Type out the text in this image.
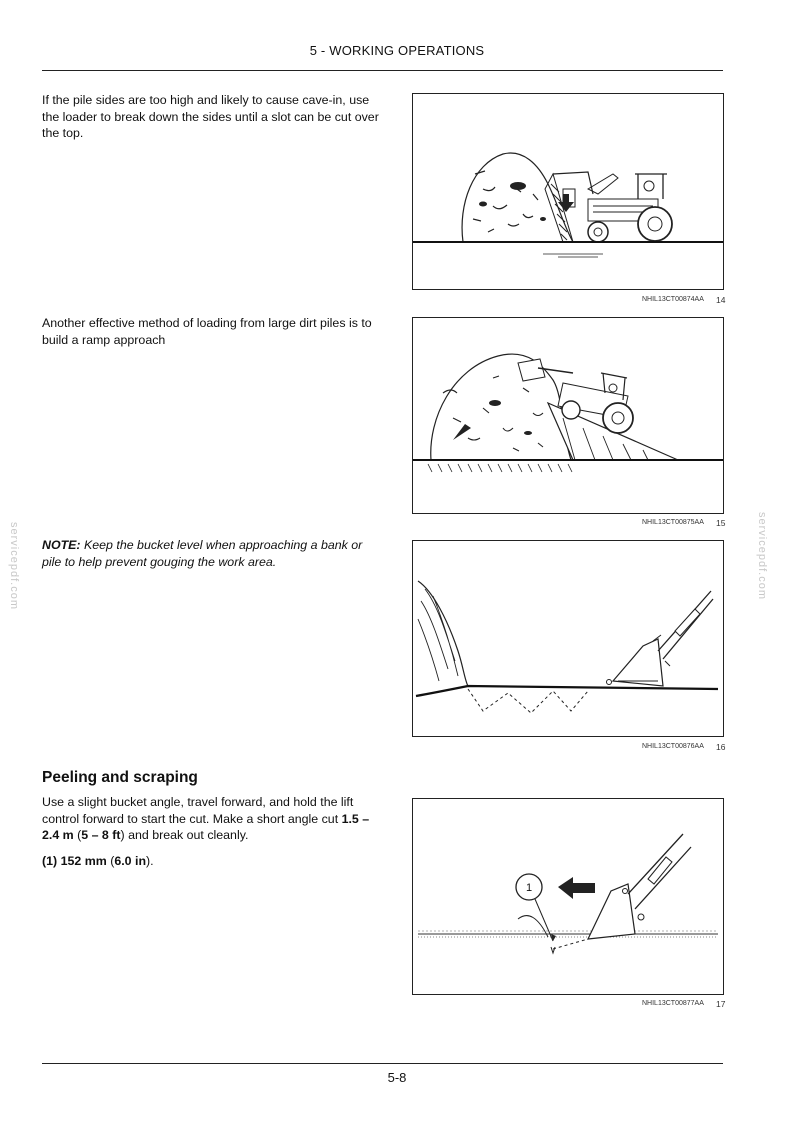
5 - WORKING OPERATIONS
servicepdf.com	servicepdf.com
If the pile sides are too high and likely to cause cave-in, use the loader to break down the sides until a slot can be cut over the top.
NHIL13CT00874AA 14
Another effective method of loading from large dirt piles is to build a ramp approach
NHIL13CT00875AA 15
NOTE: Keep the bucket level when approaching a bank or pile to help prevent gouging the work area.
NHIL13CT00876AA 16
Peeling and scraping
Use a slight bucket angle, travel forward, and hold the lift control forward to start the cut. Make a short angle cut 1.5 – 2.4 m (5 – 8 ft) and break out cleanly.
(1) 152 mm (6.0 in).
1
NHIL13CT00877AA 17
5-8
